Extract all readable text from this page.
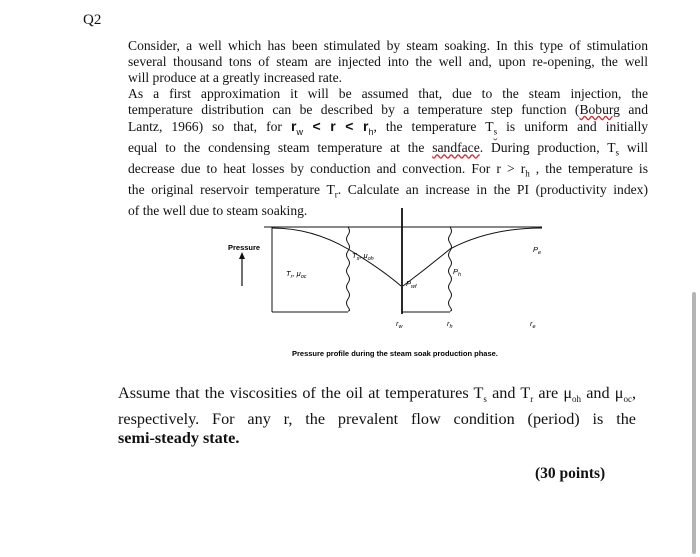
Q2
Consider, a well which has been stimulated by steam soaking. In this type of stimulation
several thousand tons of steam are injected into the well and, upon re-opening, the well
will produce at a greatly increased rate.
As a first approximation it will be assumed that, due to the steam injection, the
temperature distribution can be described by a temperature step function (Boburg and
Lantz, 1966) so that, for $r_w < r < r_h$, the temperature $T_s$ is uniform and initially
equal to the condensing steam temperature at the sandface. During production, $T_s$ will
decrease due to heat losses by conduction and convection. For $r > r_h$ , the temperature is
the original reservoir temperature $T_r$. Calculate an increase in the PI (productivity index)
of the well due to steam soaking.
Pressure
$T_s$, $\mu_{oh}$
$T_r$, $\mu_{oc}$
$P_{wf}$
$P_h$
$P_e$
$r_w$	$r_h$	$r_e$
Pressure profile during the steam soak production phase.
Assume that the viscosities of the oil at temperatures $T_s$ and $T_r$ are $\mu_{oh}$ and $\mu_{oc}$,
respectively. For any r, the prevalent flow condition (period) is the
semi-steady state.
(30 points)
